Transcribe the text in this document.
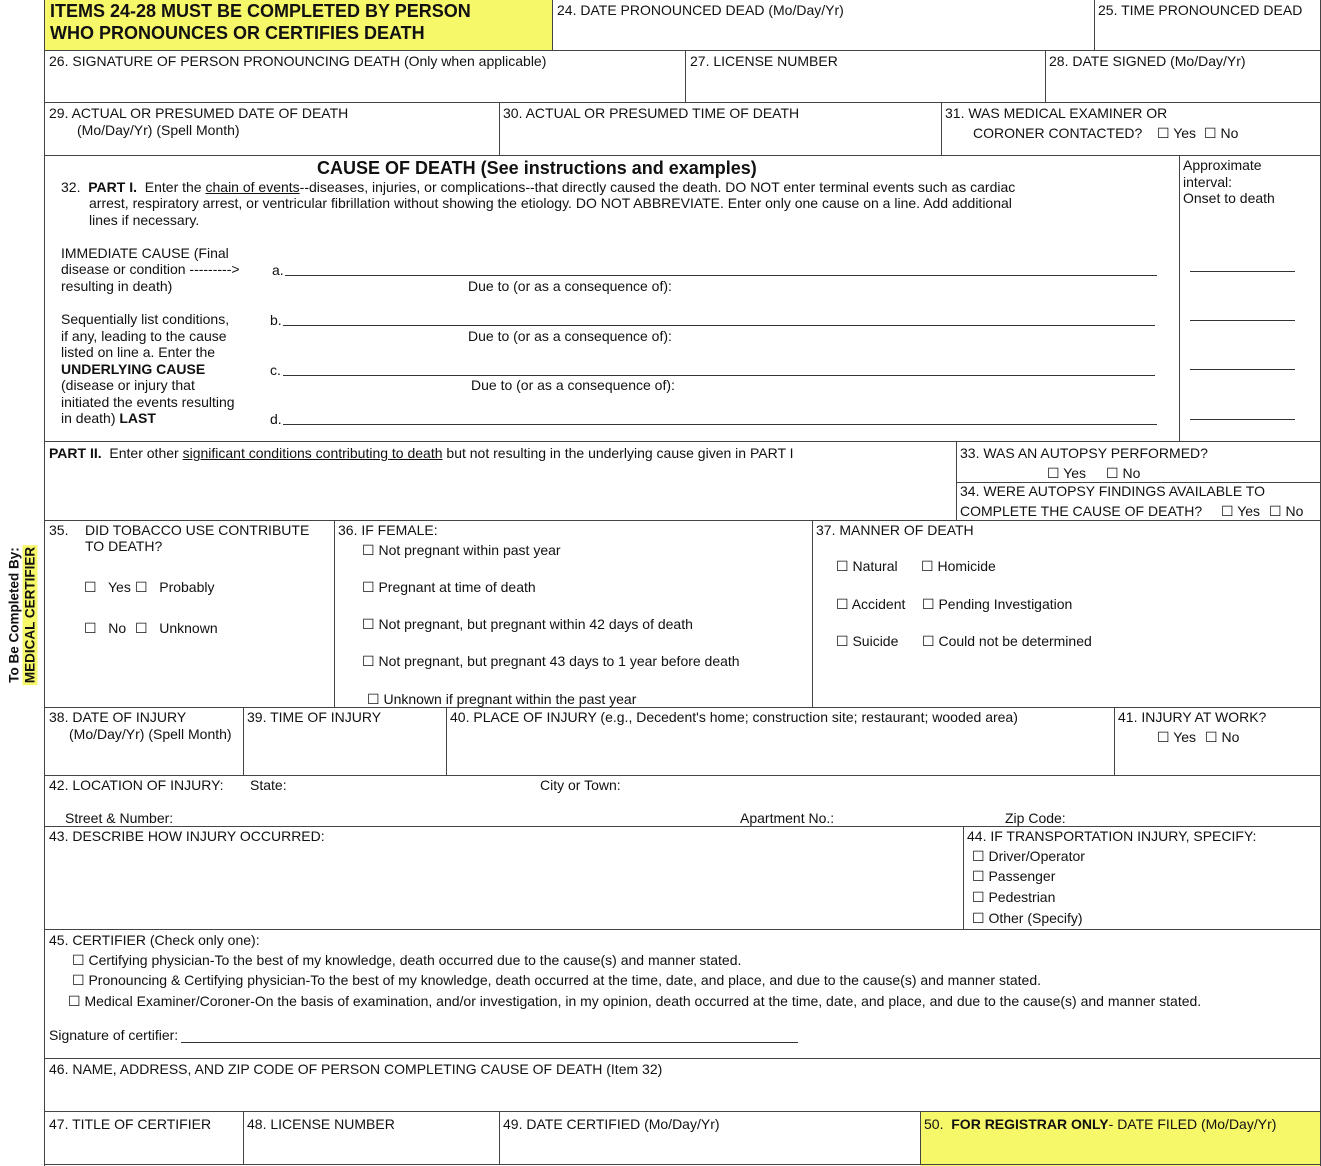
To Be Completed By: MEDICAL CERTIFIER
ITEMS 24-28 MUST BE COMPLETED BY PERSON
WHO PRONOUNCES OR CERTIFIES DEATH
24. DATE PRONOUNCED DEAD (Mo/Day/Yr)	25. TIME PRONOUNCED DEAD
26. SIGNATURE OF PERSON PRONOUNCING DEATH (Only when applicable)	27. LICENSE NUMBER	28. DATE SIGNED (Mo/Day/Yr)
29. ACTUAL OR PRESUMED DATE OF DEATH
(Mo/Day/Yr) (Spell Month)
30. ACTUAL OR PRESUMED TIME OF DEATH	31. WAS MEDICAL EXAMINER OR
CORONER CONTACTED? ☐ Yes ☐ No
CAUSE OF DEATH (See instructions and examples)
32. PART I. Enter the chain of events--diseases, injuries, or complications--that directly caused the death. DO NOT enter terminal events such as cardiac
arrest, respiratory arrest, or ventricular fibrillation without showing the etiology. DO NOT ABBREVIATE. Enter only one cause on a line. Add additional
lines if necessary.
Approximate
interval:
Onset to death
IMMEDIATE CAUSE (Final
disease or condition --------->
resulting in death)
Sequentially list conditions,
if any, leading to the cause
listed on line a. Enter the
UNDERLYING CAUSE
(disease or injury that
initiated the events resulting
in death) LAST
a.
Due to (or as a consequence of):
b.
Due to (or as a consequence of):
c.
Due to (or as a consequence of):
d.
PART II. Enter other significant conditions contributing to death but not resulting in the underlying cause given in PART I	33. WAS AN AUTOPSY PERFORMED?
☐ Yes ☐ No
34. WERE AUTOPSY FINDINGS AVAILABLE TO
COMPLETE THE CAUSE OF DEATH? ☐ Yes ☐ No
35. DID TOBACCO USE CONTRIBUTE
TO DEATH?
☐ Yes ☐ Probably
☐ No ☐ Unknown
36. IF FEMALE:
☐ Not pregnant within past year
☐ Pregnant at time of death
☐ Not pregnant, but pregnant within 42 days of death
☐ Not pregnant, but pregnant 43 days to 1 year before death
☐ Unknown if pregnant within the past year
37. MANNER OF DEATH
☐ Natural ☐ Homicide
☐ Accident ☐ Pending Investigation
☐ Suicide ☐ Could not be determined
38. DATE OF INJURY
(Mo/Day/Yr) (Spell Month)
39. TIME OF INJURY	40. PLACE OF INJURY (e.g., Decedent's home; construction site; restaurant; wooded area)	41. INJURY AT WORK?
☐ Yes ☐ No
42. LOCATION OF INJURY: State:	City or Town:
Street & Number:	Apartment No.:	Zip Code:
43. DESCRIBE HOW INJURY OCCURRED:	44. IF TRANSPORTATION INJURY, SPECIFY:
☐ Driver/Operator
☐ Passenger
☐ Pedestrian
☐ Other (Specify)
45. CERTIFIER (Check only one):
☐ Certifying physician-To the best of my knowledge, death occurred due to the cause(s) and manner stated.
☐ Pronouncing & Certifying physician-To the best of my knowledge, death occurred at the time, date, and place, and due to the cause(s) and manner stated.
☐ Medical Examiner/Coroner-On the basis of examination, and/or investigation, in my opinion, death occurred at the time, date, and place, and due to the cause(s) and manner stated.
Signature of certifier:
46. NAME, ADDRESS, AND ZIP CODE OF PERSON COMPLETING CAUSE OF DEATH (Item 32)
47. TITLE OF CERTIFIER	48. LICENSE NUMBER	49. DATE CERTIFIED (Mo/Day/Yr)	50. FOR REGISTRAR ONLY- DATE FILED (Mo/Day/Yr)
